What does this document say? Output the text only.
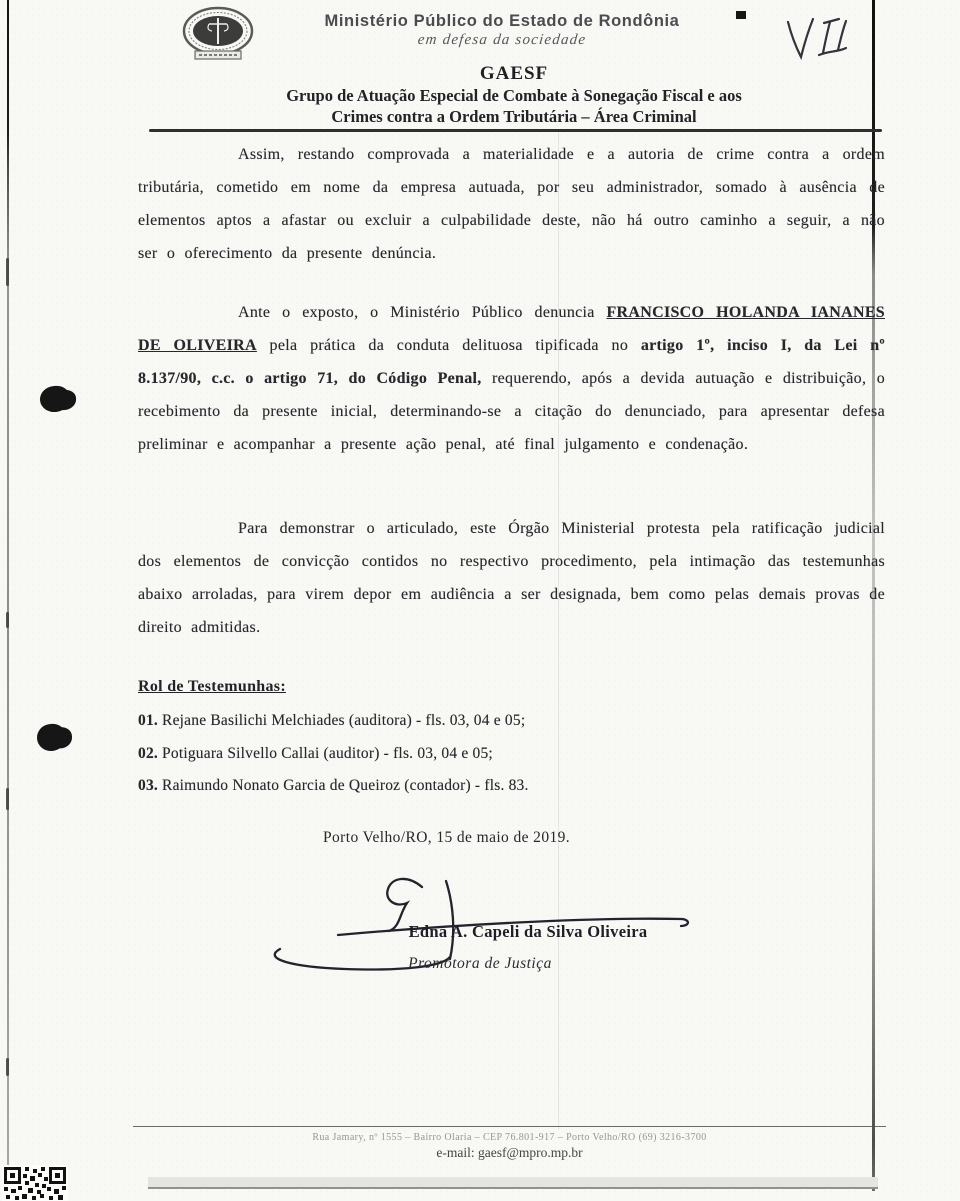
Ministério Público do Estado de Rondônia
em defesa da sociedade
GAESF
Grupo de Atuação Especial de Combate à Sonegação Fiscal e aos
Crimes contra a Ordem Tributária – Área Criminal

Assim, restando comprovada a materialidade e a autoria de crime contra a ordem tributária, cometido em nome da empresa autuada, por seu administrador, somado à ausência de elementos aptos a afastar ou excluir a culpabilidade deste, não há outro caminho a seguir, a não ser o oferecimento da presente denúncia.

Ante o exposto, o Ministério Público denuncia FRANCISCO HOLANDA IANANES DE OLIVEIRA pela prática da conduta delituosa tipificada no artigo 1º, inciso I, da Lei nº 8.137/90, c.c. o artigo 71, do Código Penal, requerendo, após a devida autuação e distribuição, o recebimento da presente inicial, determinando-se a citação do denunciado, para apresentar defesa preliminar e acompanhar a presente ação penal, até final julgamento e condenação.

Para demonstrar o articulado, este Órgão Ministerial protesta pela ratificação judicial dos elementos de convicção contidos no respectivo procedimento, pela intimação das testemunhas abaixo arroladas, para virem depor em audiência a ser designada, bem como pelas demais provas de direito admitidas.

Rol de Testemunhas:
01. Rejane Basilichi Melchiades (auditora) - fls. 03, 04 e 05;
02. Potiguara Silvello Callai (auditor) - fls. 03, 04 e 05;
03. Raimundo Nonato Garcia de Queiroz (contador) - fls. 83.
Porto Velho/RO, 15 de maio de 2019.
Edna A. Capeli da Silva Oliveira
Promotora de Justiça
Rua Jamary, nº 1555 – Bairro Olaria – CEP 76.801-917 – Porto Velho/RO (69) 3216-3700
e-mail: gaesf@mpro.mp.br
